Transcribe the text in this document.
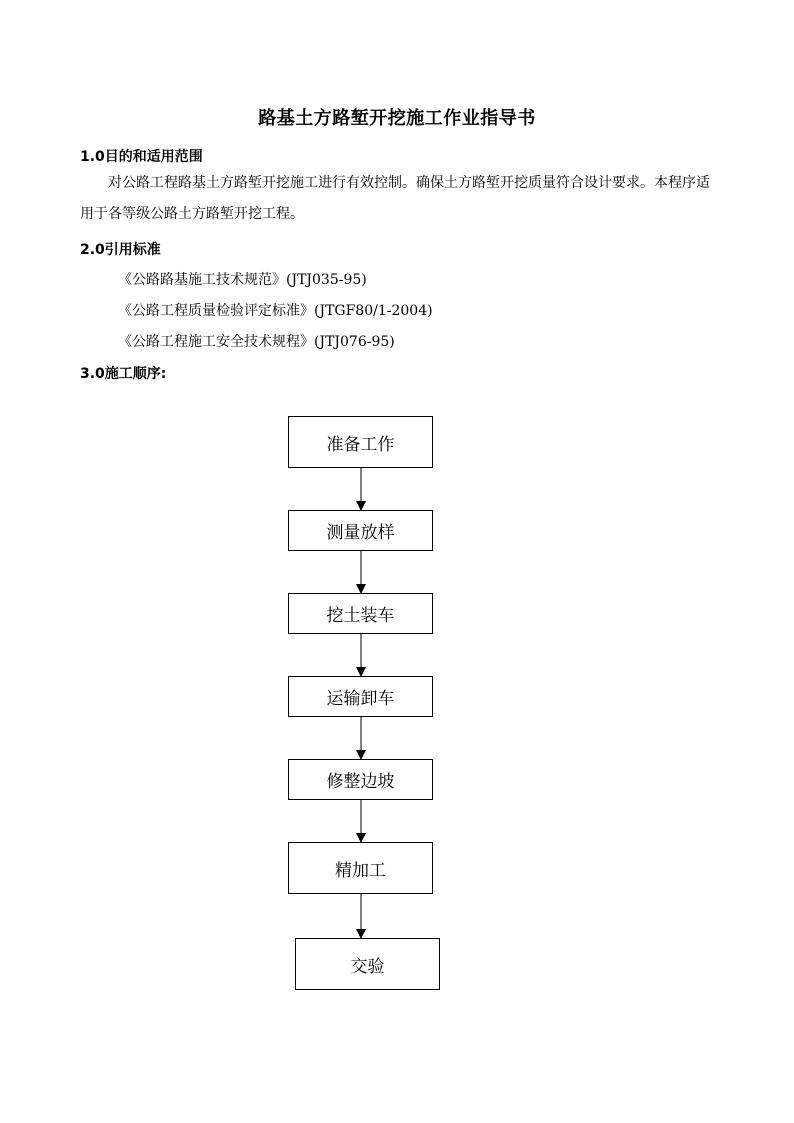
路基土方路堑开挖施工作业指导书
1.0目的和适用范围
对公路工程路基土方路堑开挖施工进行有效控制。确保土方路堑开挖质量符合设计要求。本程序适用于各等级公路土方路堑开挖工程。
2.0引用标准
《公路路基施工技术规范》(JTJ035-95)
《公路工程质量检验评定标准》(JTGF80/1-2004)
《公路工程施工安全技术规程》(JTJ076-95)
3.0施工顺序:
准备工作
测量放样
挖土装车
运输卸车
修整边坡
精加工
交验
